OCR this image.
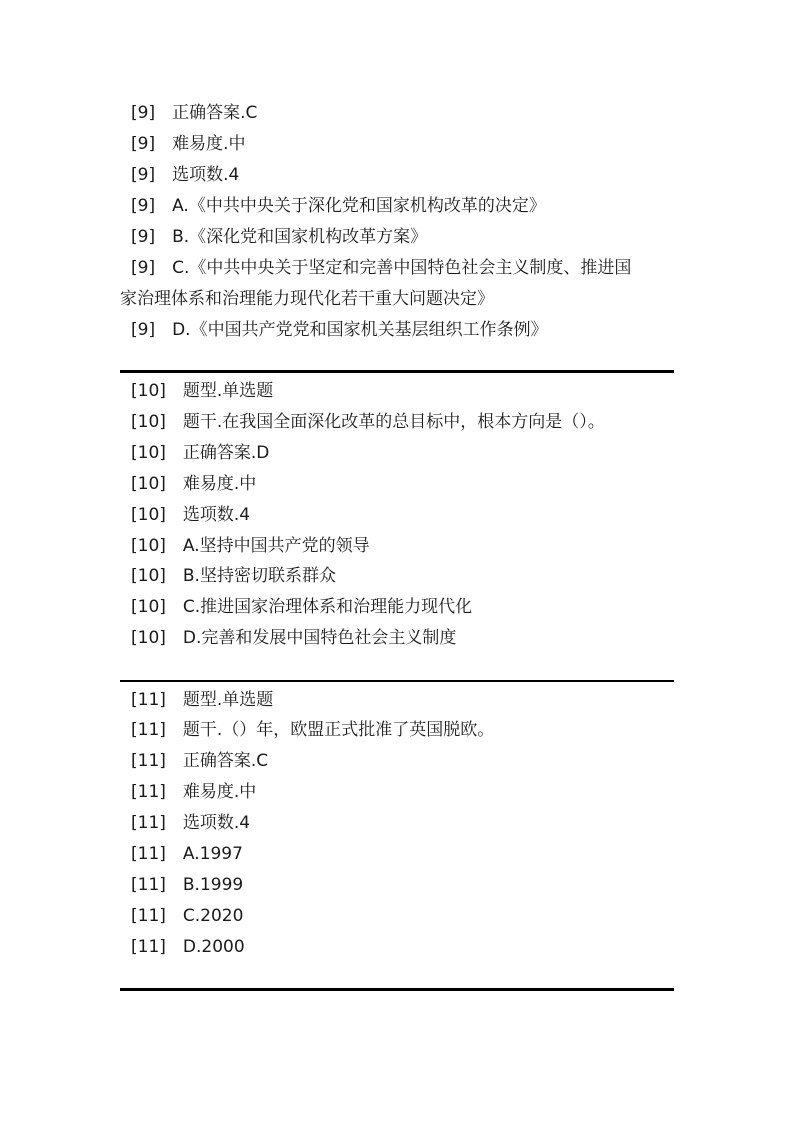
[9] 正确答案.C
[9] 难易度.中
[9] 选项数.4
[9] A.《中共中央关于深化党和国家机构改革的决定》
[9] B.《深化党和国家机构改革方案》
[9] C.《中共中央关于坚定和完善中国特色社会主义制度、推进国
家治理体系和治理能力现代化若干重大问题决定》
[9] D.《中国共产党党和国家机关基层组织工作条例》
[10] 题型.单选题
[10] 题干.在我国全面深化改革的总目标中，根本方向是（）。
[10] 正确答案.D
[10] 难易度.中
[10] 选项数.4
[10] A.坚持中国共产党的领导
[10] B.坚持密切联系群众
[10] C.推进国家治理体系和治理能力现代化
[10] D.完善和发展中国特色社会主义制度
[11] 题型.单选题
[11] 题干.（）年，欧盟正式批准了英国脱欧。
[11] 正确答案.C
[11] 难易度.中
[11] 选项数.4
[11] A.1997
[11] B.1999
[11] C.2020
[11] D.2000
